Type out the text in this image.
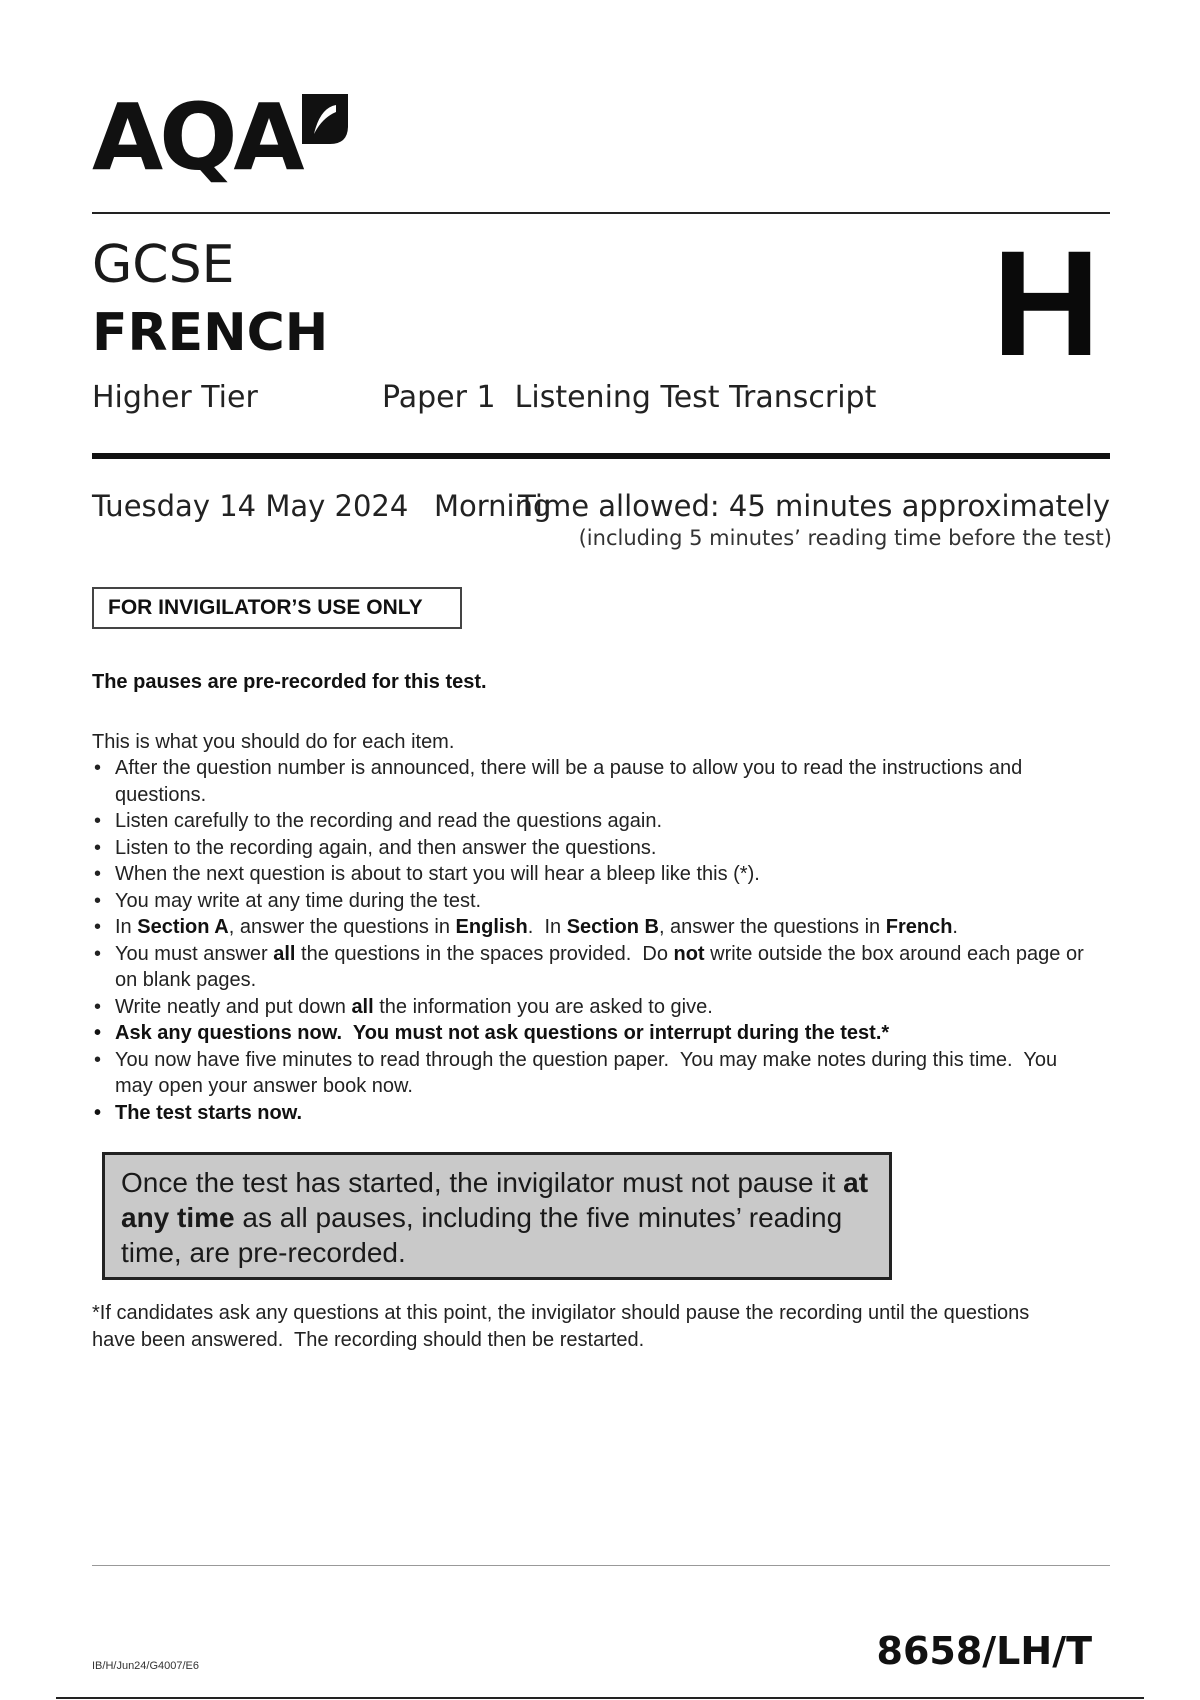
AQA
GCSE
FRENCH	H
Higher Tier	Paper 1  Listening Test Transcript
Tuesday 14 May 2024 Morning
Time allowed: 45 minutes approximately
(including 5 minutes’ reading time before the test)
FOR INVIGILATOR’S USE ONLY
The pauses are pre-recorded for this test.
This is what you should do for each item.
• After the question number is announced, there will be a pause to allow you to read the instructions and questions.
• Listen carefully to the recording and read the questions again.
• Listen to the recording again, and then answer the questions.
• When the next question is about to start you will hear a bleep like this (*).
• You may write at any time during the test.
• In Section A, answer the questions in English.  In Section B, answer the questions in French.
• You must answer all the questions in the spaces provided.  Do not write outside the box around each page or on blank pages.
• Write neatly and put down all the information you are asked to give.
• Ask any questions now.  You must not ask questions or interrupt during the test.*
• You now have five minutes to read through the question paper.  You may make notes during this time.  You may open your answer book now.
• The test starts now.
Once the test has started, the invigilator must not pause it at any time as all pauses, including the five minutes’ reading time, are pre-recorded.
*If candidates ask any questions at this point, the invigilator should pause the recording until the questions have been answered.  The recording should then be restarted.
IB/H/Jun24/G4007/E6	8658/LH/T
